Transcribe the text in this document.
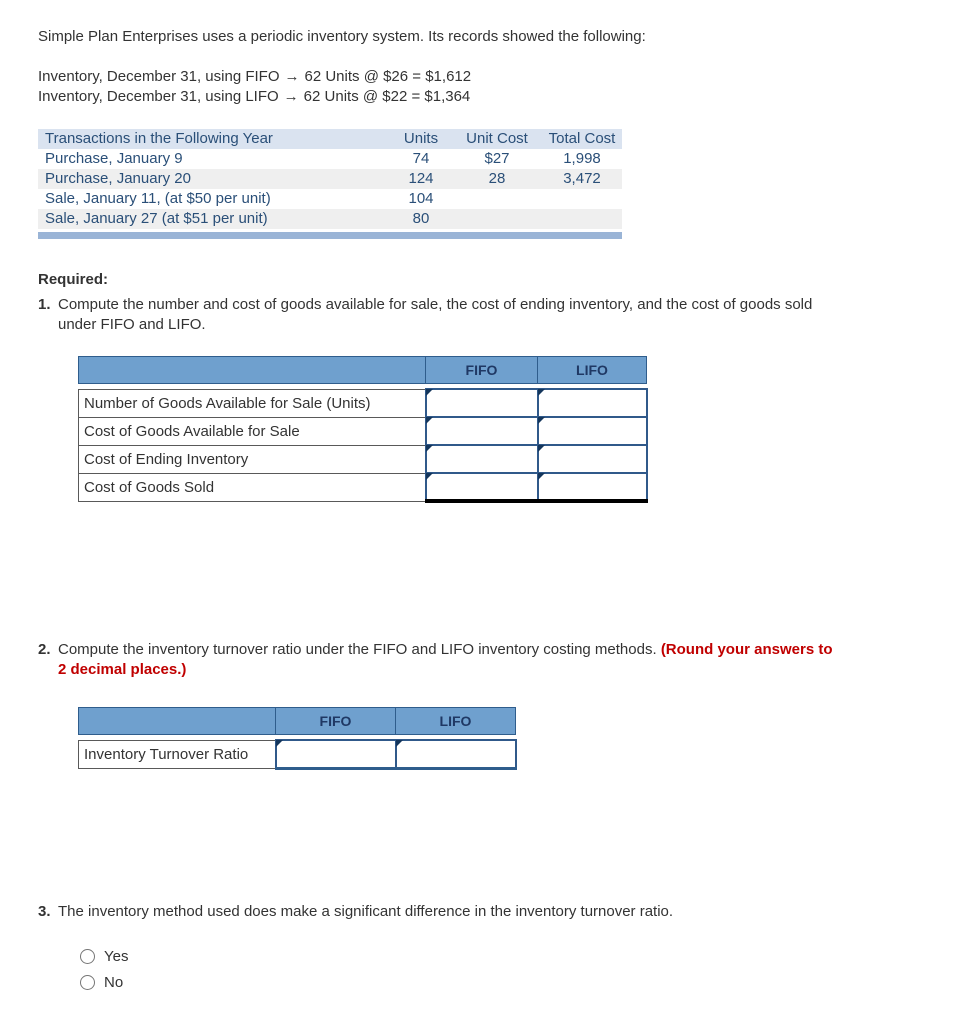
Simple Plan Enterprises uses a periodic inventory system. Its records showed the following:

Inventory, December 31, using FIFO → 62 Units @ $26 = $1,612

Inventory, December 31, using LIFO → 62 Units @ $22 = $1,364

Transactions in the Following Year	Units	Unit Cost	Total Cost
Purchase, January 9	74	$27	1,998
Purchase, January 20	124	28	3,472
Sale, January 11, (at $50 per unit)	104
Sale, January 27 (at $51 per unit)	80

Required:

1. Compute the number and cost of goods available for sale, the cost of ending inventory, and the cost of goods sold under FIFO and LIFO.
	FIFO	LIFO

Number of Goods Available for Sale (Units)	

Cost of Goods Available for Sale	

Cost of Ending Inventory	

Cost of Goods Sold	

2. Compute the inventory turnover ratio under the FIFO and LIFO inventory costing methods. (Round your answers to 2 decimal places.)
	FIFO	LIFO

Inventory Turnover Ratio	

3. The inventory method used does make a significant difference in the inventory turnover ratio.
Yes
No
